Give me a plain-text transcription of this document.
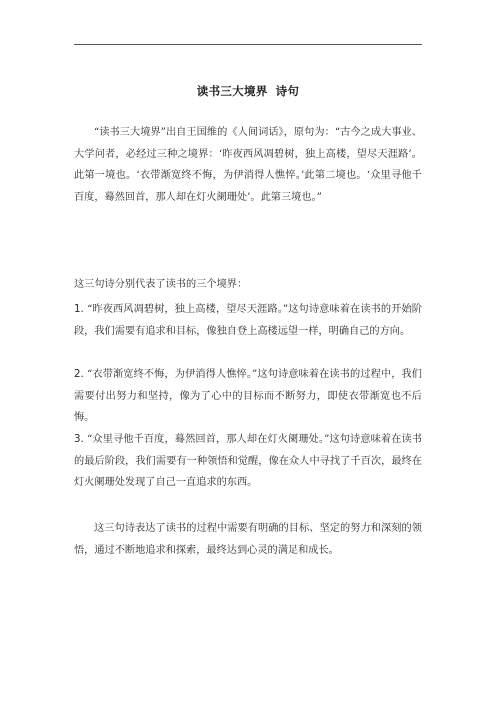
读书三大境界 诗句
“读书三大境界”出自王国维的《人间词话》，原句为：“古今之成大事业、大学问者，必经过三种之境界：‘昨夜西风凋碧树，独上高楼，望尽天涯路’。此第一境也。‘衣带渐宽终不悔，为伊消得人憔悴。’此第二境也。‘众里寻他千百度，蓦然回首，那人却在灯火阑珊处’。此第三境也。”
这三句诗分别代表了读书的三个境界：
1. “昨夜西风凋碧树，独上高楼，望尽天涯路。”这句诗意味着在读书的开始阶段，我们需要有追求和目标，像独自登上高楼远望一样，明确自己的方向。
2. “衣带渐宽终不悔，为伊消得人憔悴。”这句诗意味着在读书的过程中，我们需要付出努力和坚持，像为了心中的目标而不断努力，即使衣带渐宽也不后悔。
3. “众里寻他千百度，蓦然回首，那人却在灯火阑珊处。”这句诗意味着在读书的最后阶段，我们需要有一种领悟和觉醒，像在众人中寻找了千百次，最终在灯火阑珊处发现了自己一直追求的东西。
这三句诗表达了读书的过程中需要有明确的目标、坚定的努力和深刻的领悟，通过不断地追求和探索，最终达到心灵的满足和成长。
